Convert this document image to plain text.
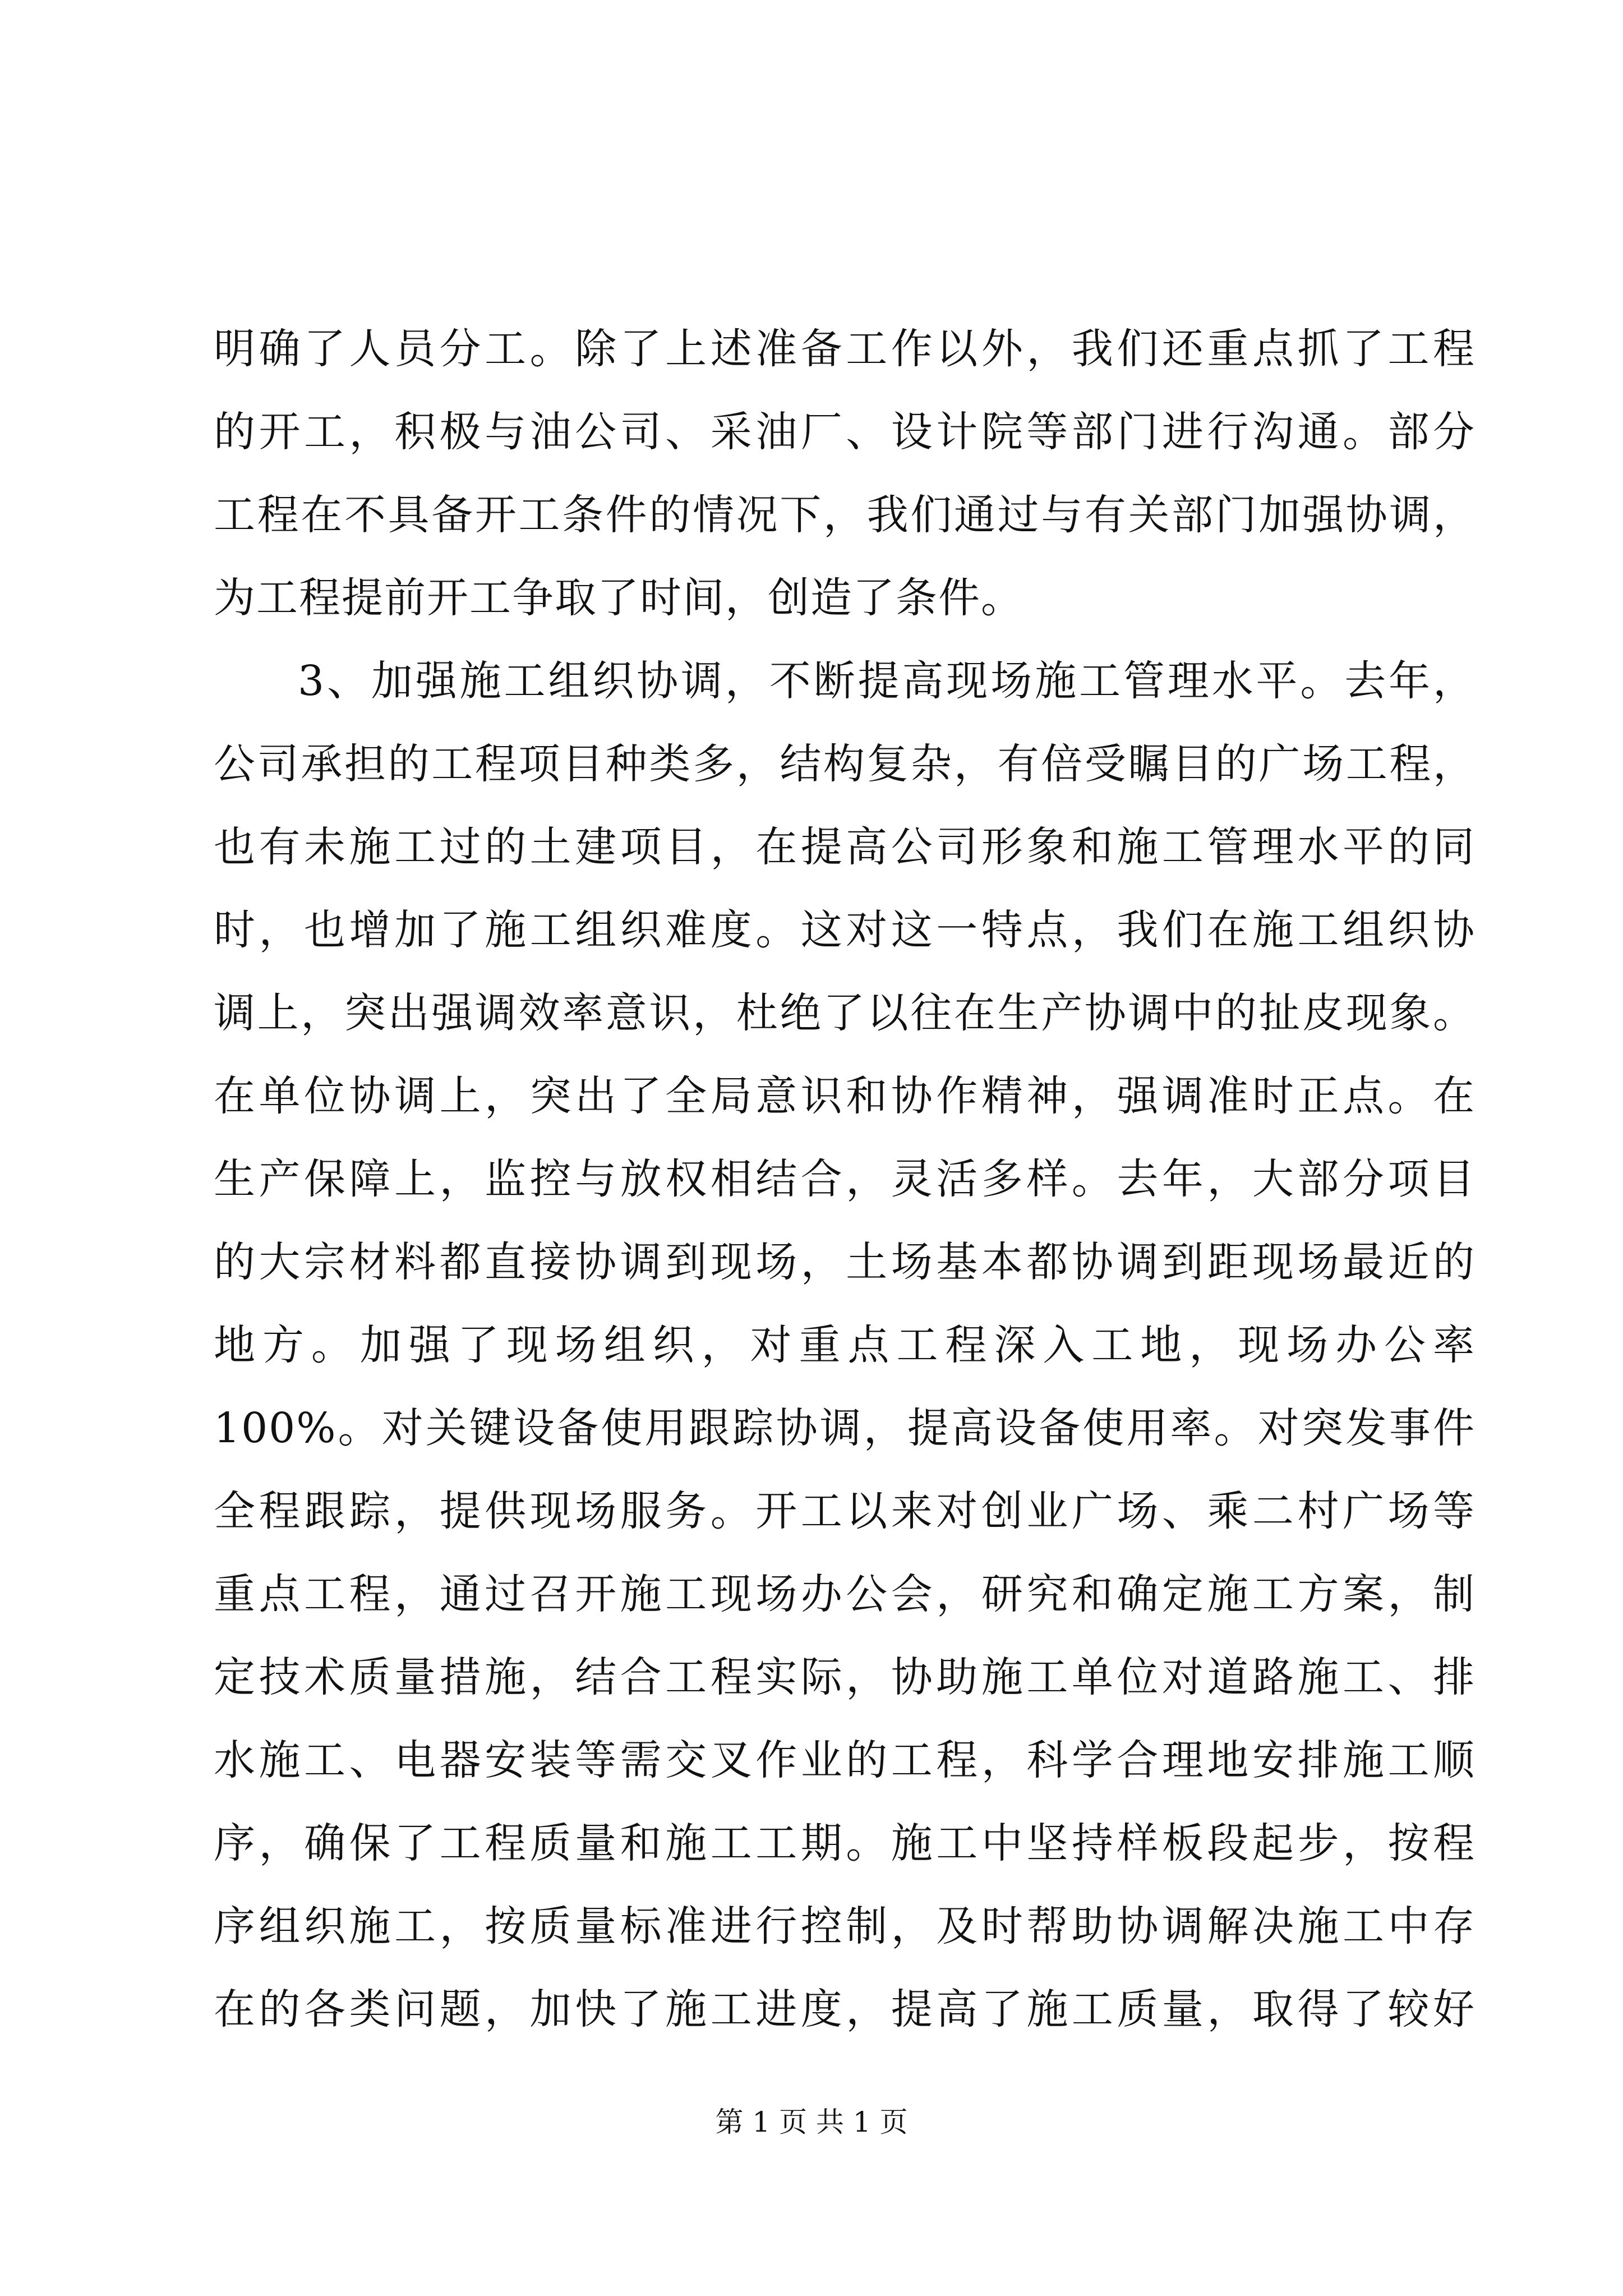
明确了人员分工。除了上述准备工作以外，我们还重点抓了工程
的开工，积极与油公司、采油厂、设计院等部门进行沟通。部分
工程在不具备开工条件的情况下，我们通过与有关部门加强协调，
为工程提前开工争取了时间，创造了条件。
3、加强施工组织协调，不断提高现场施工管理水平。去年，
公司承担的工程项目种类多，结构复杂，有倍受瞩目的广场工程，
也有未施工过的土建项目，在提高公司形象和施工管理水平的同
时，也增加了施工组织难度。这对这一特点，我们在施工组织协
调上，突出强调效率意识，杜绝了以往在生产协调中的扯皮现象。
在单位协调上，突出了全局意识和协作精神，强调准时正点。在
生产保障上，监控与放权相结合，灵活多样。去年，大部分项目
的大宗材料都直接协调到现场，土场基本都协调到距现场最近的
地方。加强了现场组织，对重点工程深入工地，现场办公率
100%。对关键设备使用跟踪协调，提高设备使用率。对突发事件
全程跟踪，提供现场服务。开工以来对创业广场、乘二村广场等
重点工程，通过召开施工现场办公会，研究和确定施工方案，制
定技术质量措施，结合工程实际，协助施工单位对道路施工、排
水施工、电器安装等需交叉作业的工程，科学合理地安排施工顺
序，确保了工程质量和施工工期。施工中坚持样板段起步，按程
序组织施工，按质量标准进行控制，及时帮助协调解决施工中存
在的各类问题，加快了施工进度，提高了施工质量，取得了较好
第 1 页 共 1 页
